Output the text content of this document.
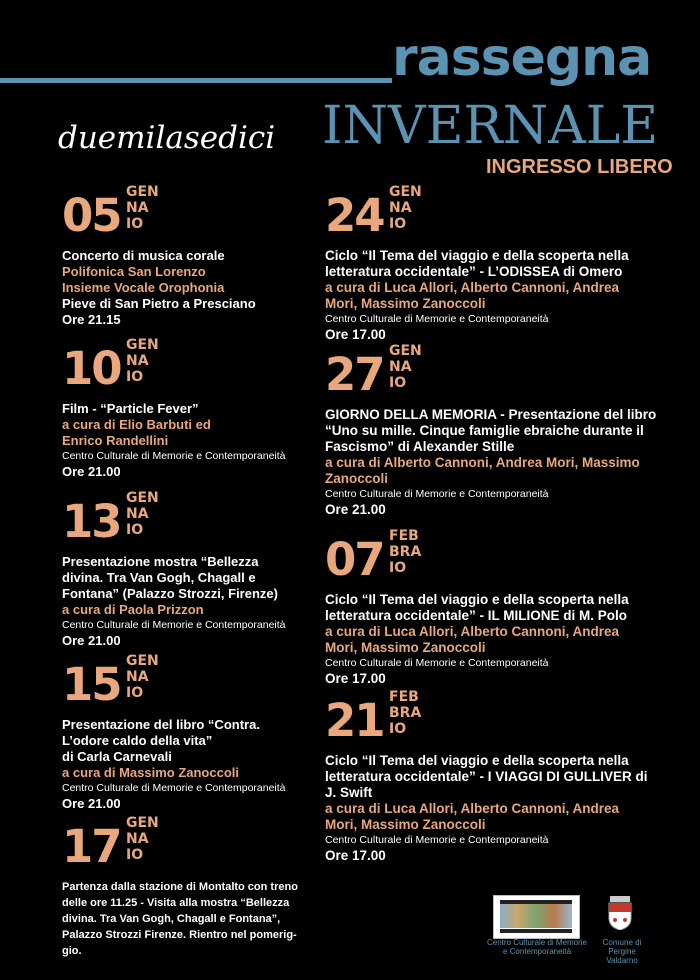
rassegna
duemilasedici INVERNALE
INGRESSO LIBERO
05 GEN
NA
IO
Concerto di musica corale
Polifonica San Lorenzo
Insieme Vocale Orophonia
Pieve di San Pietro a Presciano
Ore 21.15
10 GEN
NA
IO
Film - “Particle Fever”
a cura di Elio Barbuti ed
Enrico Randellini
Centro Culturale di Memorie e Contemporaneità
Ore 21.00
13 GEN
NA
IO
Presentazione mostra “Bellezza
divina. Tra Van Gogh, Chagall e
Fontana” (Palazzo Strozzi, Firenze)
a cura di Paola Prizzon
Centro Culturale di Memorie e Contemporaneità
Ore 21.00
15 GEN
NA
IO
Presentazione del libro “Contra.
L’odore caldo della vita”
di Carla Carnevali
a cura di Massimo Zanoccoli
Centro Culturale di Memorie e Contemporaneità
Ore 21.00
17 GEN
NA
IO
Partenza dalla stazione di Montalto con treno
delle ore 11.25 - Visita alla mostra “Bellezza
divina. Tra Van Gogh, Chagall e Fontana”,
Palazzo Strozzi Firenze. Rientro nel pomerig-
gio.
24 GEN
NA
IO
Ciclo “Il Tema del viaggio e della scoperta nella
letteratura occidentale” - L’ODISSEA di Omero
a cura di Luca Allori, Alberto Cannoni, Andrea
Mori, Massimo Zanoccoli
Centro Culturale di Memorie e Contemporaneità
Ore 17.00
27 GEN
NA
IO
GIORNO DELLA MEMORIA - Presentazione del libro
“Uno su mille. Cinque famiglie ebraiche durante il
Fascismo” di Alexander Stille
a cura di Alberto Cannoni, Andrea Mori, Massimo
Zanoccoli
Centro Culturale di Memorie e Contemporaneità
Ore 21.00
07 FEB
BRA
IO
Ciclo “Il Tema del viaggio e della scoperta nella
letteratura occidentale” - IL MILIONE di M. Polo
a cura di Luca Allori, Alberto Cannoni, Andrea
Mori, Massimo Zanoccoli
Centro Culturale di Memorie e Contemporaneità
Ore 17.00
21 FEB
BRA
IO
Ciclo “Il Tema del viaggio e della scoperta nella
letteratura occidentale” - I VIAGGI DI GULLIVER di
J. Swift
a cura di Luca Allori, Alberto Cannoni, Andrea
Mori, Massimo Zanoccoli
Centro Culturale di Memorie e Contemporaneità
Ore 17.00
Centro Culturale di Memorie
e Contemporaneità
Comune di
Pergine Valdarno
